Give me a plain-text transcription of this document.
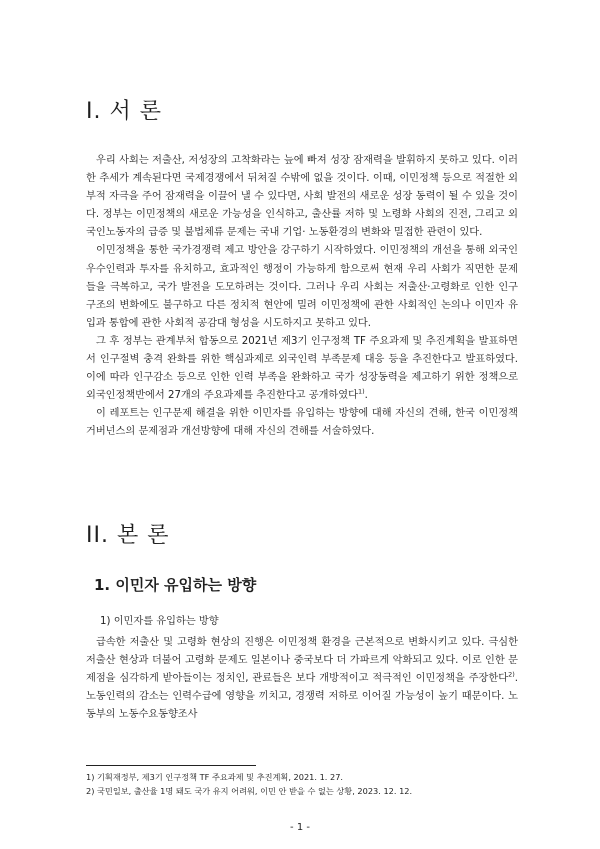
I. 서 론

우리 사회는 저출산, 저성장의 고착화라는 늪에 빠져 성장 잠재력을 발휘하지 못하고 있다. 이러한 추세가 계속된다면 국제경쟁에서 뒤쳐질 수밖에 없을 것이다. 이때, 이민정책 등으로 적절한 외부적 자극을 주어 잠재력을 이끌어 낼 수 있다면, 사회 발전의 새로운 성장 동력이 될 수 있을 것이다. 정부는 이민정책의 새로운 가능성을 인식하고, 출산률 저하 및 노령화 사회의 진전, 그리고 외국인노동자의 급증 및 불법체류 문제는 국내 기업· 노동환경의 변화와 밀접한 관련이 있다.

이민정책을 통한 국가경쟁력 제고 방안을 강구하기 시작하였다. 이민정책의 개선을 통해 외국인 우수인력과 투자를 유치하고, 효과적인 행정이 가능하게 함으로써 현재 우리 사회가 직면한 문제들을 극복하고, 국가 발전을 도모하려는 것이다. 그러나 우리 사회는 저출산·고령화로 인한 인구 구조의 변화에도 불구하고 다른 정치적 현안에 밀려 이민정책에 관한 사회적인 논의나 이민자 유입과 통합에 관한 사회적 공감대 형성을 시도하지고 못하고 있다.

그 후 정부는 관계부처 합동으로 2021년 제3기 인구정책 TF 주요과제 및 추진계획을 발표하면서 인구절벽 충격 완화를 위한 핵심과제로 외국인력 부족문제 대응 등을 추진한다고 발표하였다. 이에 따라 인구감소 등으로 인한 인력 부족을 완화하고 국가 성장동력을 제고하기 위한 정책으로 외국인정책반에서 27개의 주요과제를 추진한다고 공개하였다$^{1)}$.

이 레포트는 인구문제 해결을 위한 이민자를 유입하는 방향에 대해 자신의 견해, 한국 이민정책 거버넌스의 문제점과 개선방향에 대해 자신의 견해를 서술하였다.

II. 본 론
1. 이민자 유입하는 방향
1) 이민자를 유입하는 방향

급속한 저출산 및 고령화 현상의 진행은 이민정책 환경을 근본적으로 변화시키고 있다. 극심한 저출산 현상과 더불어 고령화 문제도 일본이나 중국보다 더 가파르게 악화되고 있다. 이로 인한 문제점을 심각하게 받아들이는 정치인, 관료들은 보다 개방적이고 적극적인 이민정책을 주장한다$^{2)}$. 노동인력의 감소는 인력수급에 영향을 끼치고, 경쟁력 저하로 이어질 가능성이 높기 때문이다. 노동부의 노동수요동향조사

1) 기획재정부, 제3기 인구정책 TF 주요과제 및 추진계획, 2021. 1. 27.
2) 국민일보, 출산율 1명 돼도 국가 유지 어려워, 이민 안 받을 수 없는 상황, 2023. 12. 12.
- 1 -
